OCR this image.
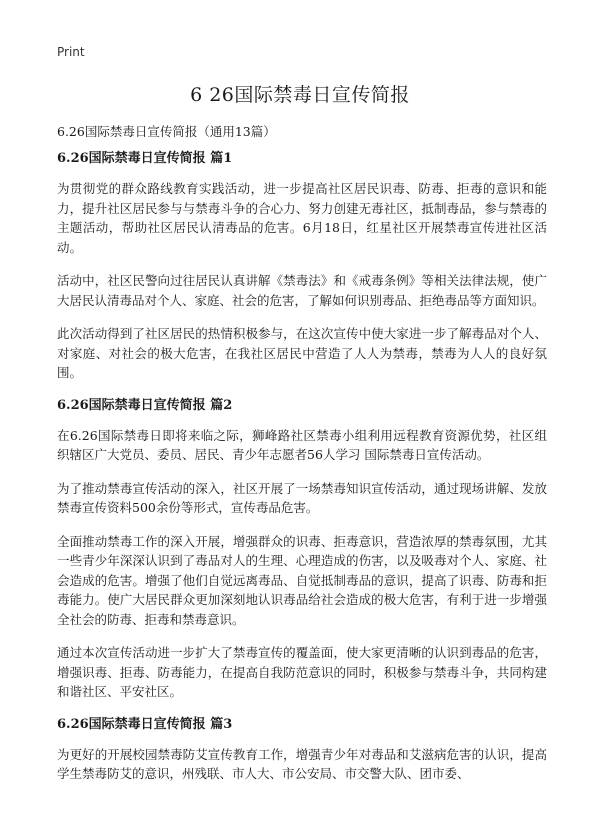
Print
6 26国际禁毒日宣传简报

6.26国际禁毒日宣传简报（通用13篇）

6.26国际禁毒日宣传简报 篇1

为贯彻党的群众路线教育实践活动，进一步提高社区居民识毒、防毒、拒毒的意识和能力，提升社区居民参与与禁毒斗争的合心力、努力创建无毒社区，抵制毒品，参与禁毒的主题活动，帮助社区居民认清毒品的危害。6月18日，红星社区开展禁毒宣传进社区活动。

活动中，社区民警向过往居民认真讲解《禁毒法》和《戒毒条例》等相关法律法规，使广大居民认清毒品对个人、家庭、社会的危害，了解如何识别毒品、拒绝毒品等方面知识。

此次活动得到了社区居民的热情积极参与，在这次宣传中使大家进一步了解毒品对个人、对家庭、对社会的极大危害，在我社区居民中营造了人人为禁毒，禁毒为人人的良好氛围。

6.26国际禁毒日宣传简报 篇2

在6.26国际禁毒日即将来临之际，狮峰路社区禁毒小组利用远程教育资源优势，社区组织辖区广大党员、委员、居民、青少年志愿者56人学习 国际禁毒日宣传活动。

为了推动禁毒宣传活动的深入，社区开展了一场禁毒知识宣传活动，通过现场讲解、发放禁毒宣传资料500余份等形式，宣传毒品危害。

全面推动禁毒工作的深入开展，增强群众的识毒、拒毒意识，营造浓厚的禁毒氛围，尤其一些青少年深深认识到了毒品对人的生理、心理造成的伤害，以及吸毒对个人、家庭、社会造成的危害。增强了他们自觉远离毒品、自觉抵制毒品的意识，提高了识毒、防毒和拒毒能力。使广大居民群众更加深刻地认识毒品给社会造成的极大危害，有利于进一步增强全社会的防毒、拒毒和禁毒意识。

通过本次宣传活动进一步扩大了禁毒宣传的覆盖面，使大家更清晰的认识到毒品的危害，增强识毒、拒毒、防毒能力，在提高自我防范意识的同时，积极参与禁毒斗争，共同构建和谐社区、平安社区。

6.26国际禁毒日宣传简报 篇3

为更好的开展校园禁毒防艾宣传教育工作，增强青少年对毒品和艾滋病危害的认识，提高学生禁毒防艾的意识，州残联、市人大、市公安局、市交警大队、团市委、
